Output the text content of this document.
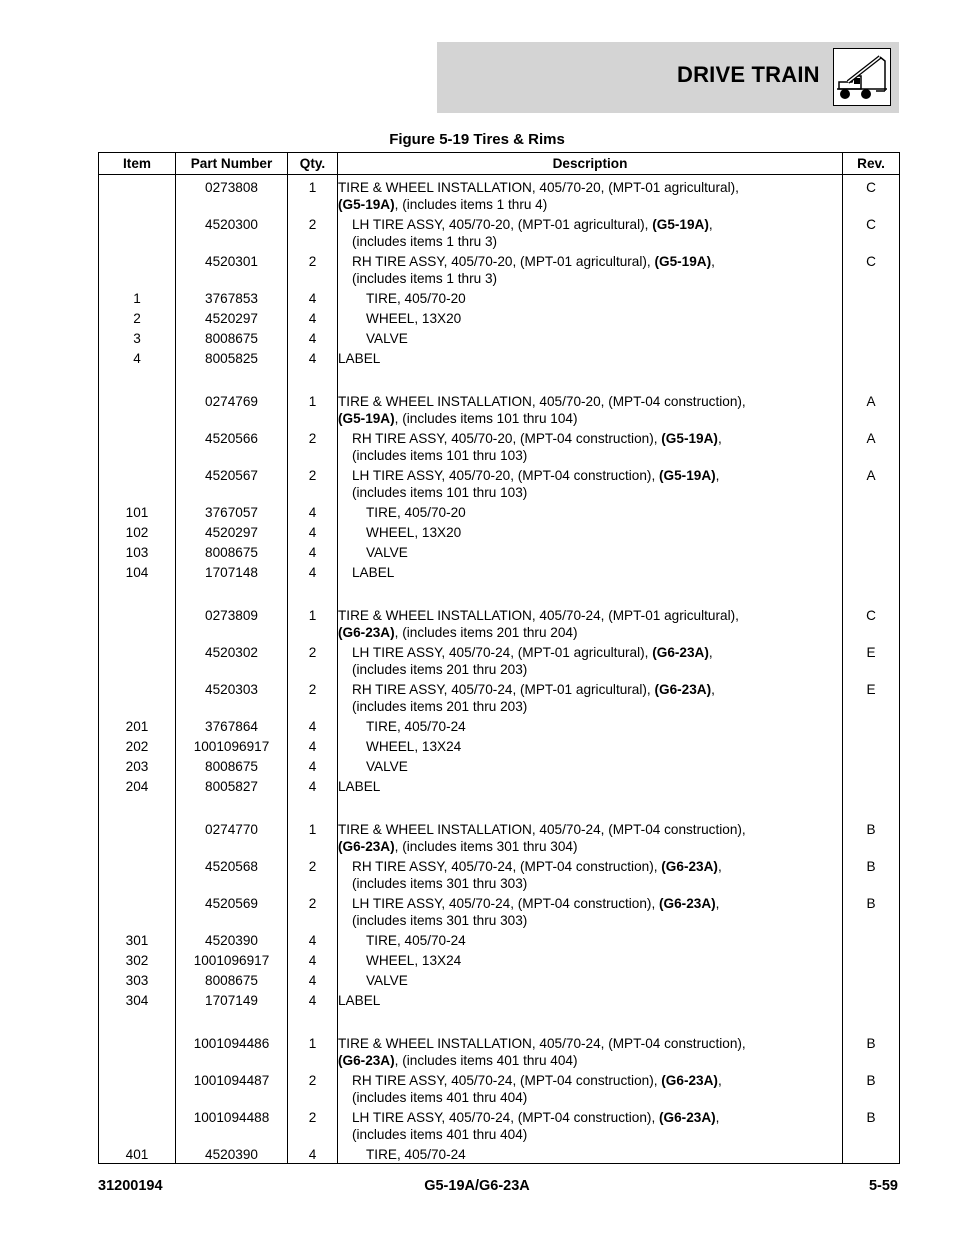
DRIVE TRAIN
Figure 5-19 Tires & Rims
Item	Part Number	Qty.	Description	Rev.
	0273808	1	TIRE & WHEEL INSTALLATION, 405/70-20, (MPT-01 agricultural),
(G5-19A), (includes items 1 thru 4)	C
	4520300	2	LH TIRE ASSY, 405/70-20, (MPT-01 agricultural), (G5-19A),
(includes items 1 thru 3)	C
	4520301	2	RH TIRE ASSY, 405/70-20, (MPT-01 agricultural), (G5-19A),
(includes items 1 thru 3)	C
1	3767853	4	TIRE, 405/70-20	

2	4520297	4	WHEEL, 13X20	

3	8008675	4	VALVE	

4	8005825	4	LABEL	

	0274769	1	TIRE & WHEEL INSTALLATION, 405/70-20, (MPT-04 construction),
(G5-19A), (includes items 101 thru 104)	A
	4520566	2	RH TIRE ASSY, 405/70-20, (MPT-04 construction), (G5-19A),
(includes items 101 thru 103)	A
	4520567	2	LH TIRE ASSY, 405/70-20, (MPT-04 construction), (G5-19A),
(includes items 101 thru 103)	A
101	3767057	4	TIRE, 405/70-20	

102	4520297	4	WHEEL, 13X20	

103	8008675	4	VALVE	

104	1707148	4	LABEL	

	0273809	1	TIRE & WHEEL INSTALLATION, 405/70-24, (MPT-01 agricultural),
(G6-23A), (includes items 201 thru 204)	C
	4520302	2	LH TIRE ASSY, 405/70-24, (MPT-01 agricultural), (G6-23A),
(includes items 201 thru 203)	E
	4520303	2	RH TIRE ASSY, 405/70-24, (MPT-01 agricultural), (G6-23A),
(includes items 201 thru 203)	E
201	3767864	4	TIRE, 405/70-24	

202	1001096917	4	WHEEL, 13X24	

203	8008675	4	VALVE	

204	8005827	4	LABEL	

	0274770	1	TIRE & WHEEL INSTALLATION, 405/70-24, (MPT-04 construction),
(G6-23A), (includes items 301 thru 304)	B
	4520568	2	RH TIRE ASSY, 405/70-24, (MPT-04 construction), (G6-23A),
(includes items 301 thru 303)	B
	4520569	2	LH TIRE ASSY, 405/70-24, (MPT-04 construction), (G6-23A),
(includes items 301 thru 303)	B
301	4520390	4	TIRE, 405/70-24	

302	1001096917	4	WHEEL, 13X24	

303	8008675	4	VALVE	

304	1707149	4	LABEL	

	1001094486	1	TIRE & WHEEL INSTALLATION, 405/70-24, (MPT-04 construction),
(G6-23A), (includes items 401 thru 404)	B
	1001094487	2	RH TIRE ASSY, 405/70-24, (MPT-04 construction), (G6-23A),
(includes items 401 thru 404)	B
	1001094488	2	LH TIRE ASSY, 405/70-24, (MPT-04 construction), (G6-23A),
(includes items 401 thru 404)	B
401	4520390	4	TIRE, 405/70-24	

31200194	G5-19A/G6-23A	5-59
